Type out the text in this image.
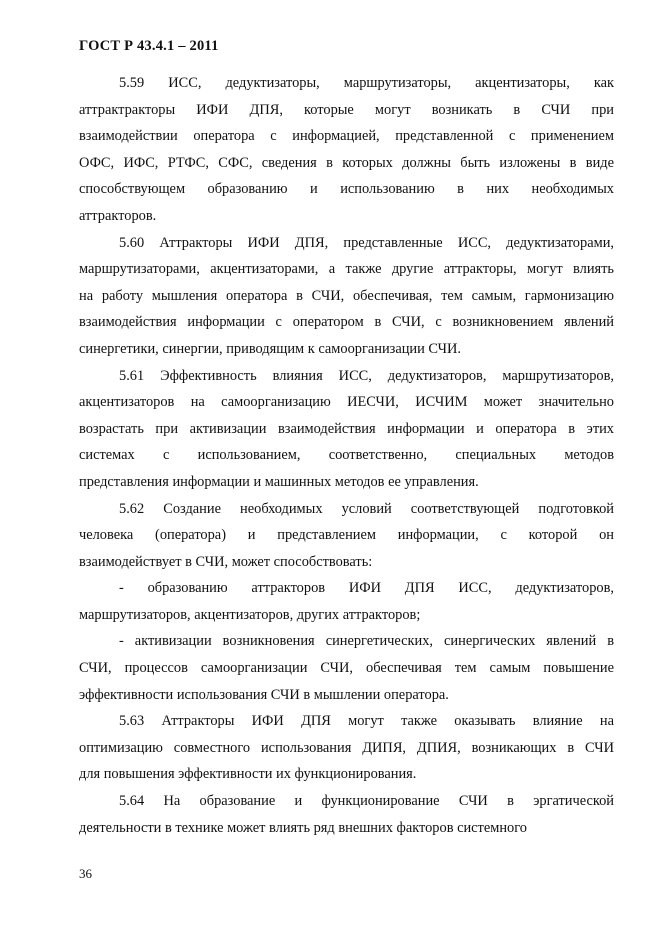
ГОСТ Р 43.4.1 – 2011
5.59 ИСС, дедуктизаторы, маршрутизаторы, акцентизаторы, как
аттрактракторы ИФИ ДПЯ, которые могут возникать в СЧИ при
взаимодействии оператора с информацией, представленной с применением
ОФС, ИФС, РТФС, СФС, сведения в которых должны быть изложены в виде
способствующем образованию и использованию в них необходимых
аттракторов.
5.60 Аттракторы ИФИ ДПЯ, представленные ИСС, дедуктизаторами,
маршрутизаторами, акцентизаторами, а также другие аттракторы, могут влиять
на работу мышления оператора в СЧИ, обеспечивая, тем самым, гармонизацию
взаимодействия информации с оператором в СЧИ, с возникновением явлений
синергетики, синергии, приводящим к самоорганизации СЧИ.
5.61 Эффективность влияния ИСС, дедуктизаторов, маршрутизаторов,
акцентизаторов на самоорганизацию ИЕСЧИ, ИСЧИМ может значительно
возрастать при активизации взаимодействия информации и оператора в этих
системах с использованием, соответственно, специальных методов
представления информации и машинных методов ее управления.
5.62 Создание необходимых условий соответствующей подготовкой
человека (оператора) и представлением информации, с которой он
взаимодействует в СЧИ, может способствовать:
- образованию аттракторов ИФИ ДПЯ ИСС, дедуктизаторов,
маршрутизаторов, акцентизаторов, других аттракторов;
- активизации возникновения синергетических, синергических явлений в
СЧИ, процессов самоорганизации СЧИ, обеспечивая тем самым повышение
эффективности использования СЧИ в мышлении оператора.
5.63 Аттракторы ИФИ ДПЯ могут также оказывать влияние на
оптимизацию совместного использования ДИПЯ, ДПИЯ, возникающих в СЧИ
для повышения эффективности их функционирования.
5.64 На образование и функционирование СЧИ в эргатической
деятельности в технике может влиять ряд внешних факторов системного
36
